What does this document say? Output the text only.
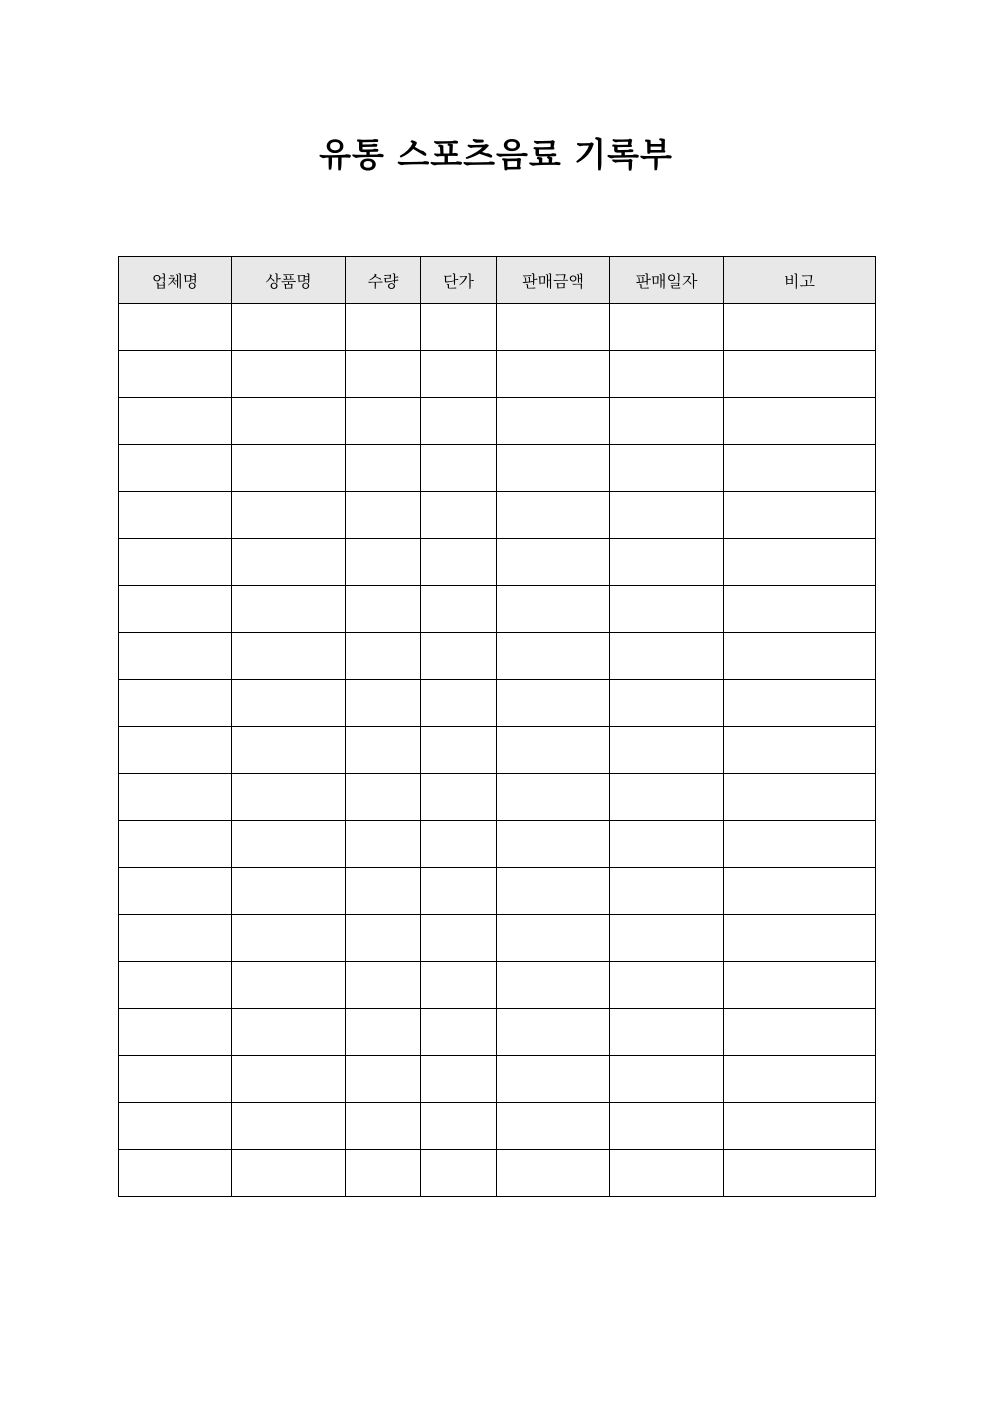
유통 스포츠음료 기록부
업체명	상품명	수량	단가	판매금액	판매일자	비고
